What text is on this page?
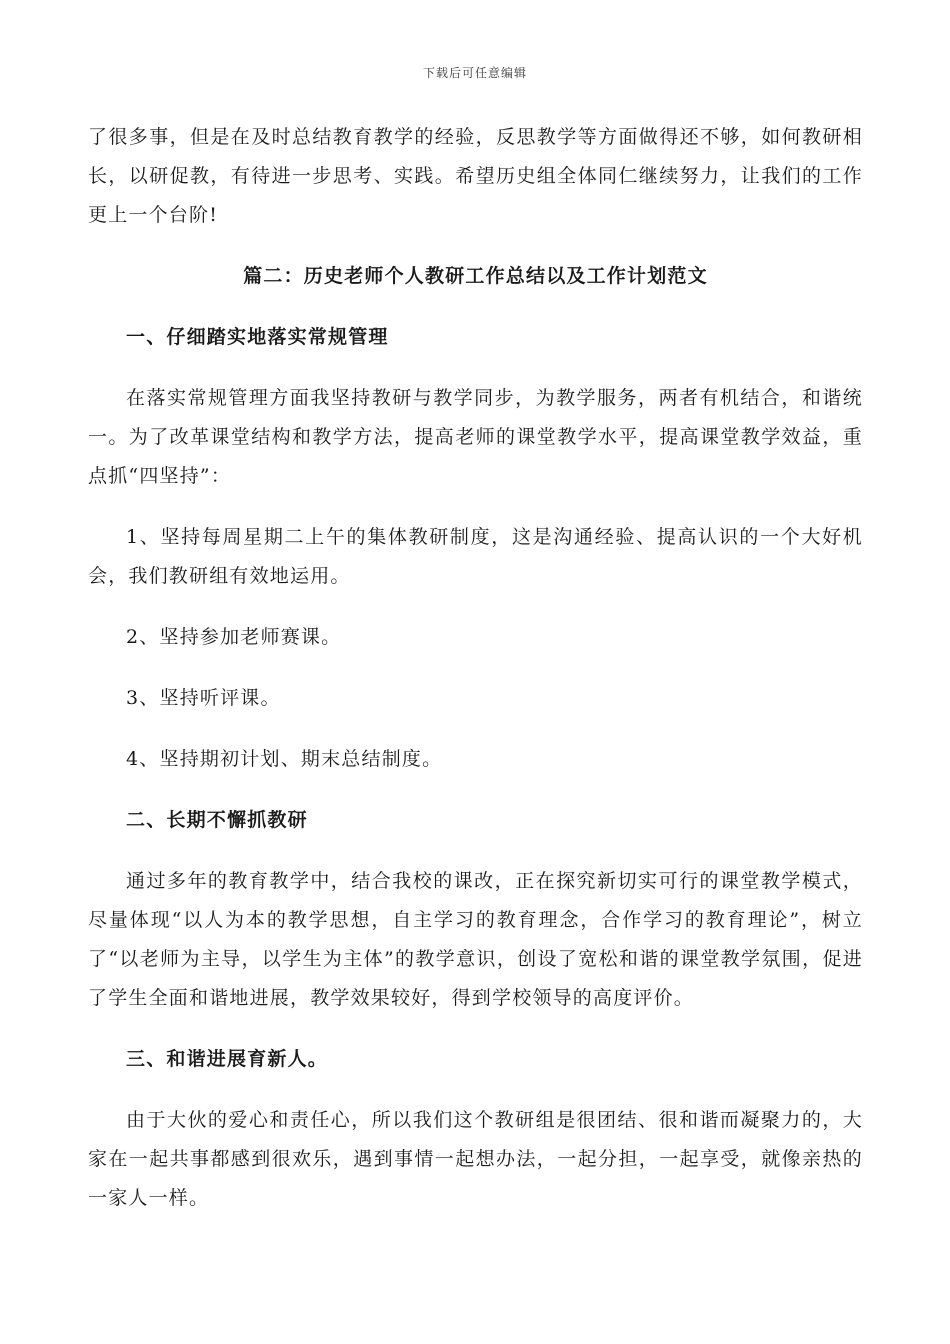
下载后可任意编辑

了很多事，但是在及时总结教育教学的经验，反思教学等方面做得还不够，如何教研相长，以研促教，有待进一步思考、实践。希望历史组全体同仁继续努力，让我们的工作更上一个台阶!

篇二：历史老师个人教研工作总结以及工作计划范文

一、仔细踏实地落实常规管理

在落实常规管理方面我坚持教研与教学同步，为教学服务，两者有机结合，和谐统一。为了改革课堂结构和教学方法，提高老师的课堂教学水平，提高课堂教学效益，重点抓“四坚持”：

1、坚持每周星期二上午的集体教研制度，这是沟通经验、提高认识的一个大好机会，我们教研组有效地运用。

2、坚持参加老师赛课。

3、坚持听评课。

4、坚持期初计划、期末总结制度。

二、长期不懈抓教研

通过多年的教育教学中，结合我校的课改，正在探究新切实可行的课堂教学模式，尽量体现“以人为本的教学思想，自主学习的教育理念，合作学习的教育理论”，树立了“以老师为主导，以学生为主体”的教学意识，创设了宽松和谐的课堂教学氛围，促进了学生全面和谐地进展，教学效果较好，得到学校领导的高度评价。

三、和谐进展育新人。

由于大伙的爱心和责任心，所以我们这个教研组是很团结、很和谐而凝聚力的，大家在一起共事都感到很欢乐，遇到事情一起想办法，一起分担，一起享受，就像亲热的一家人一样。
